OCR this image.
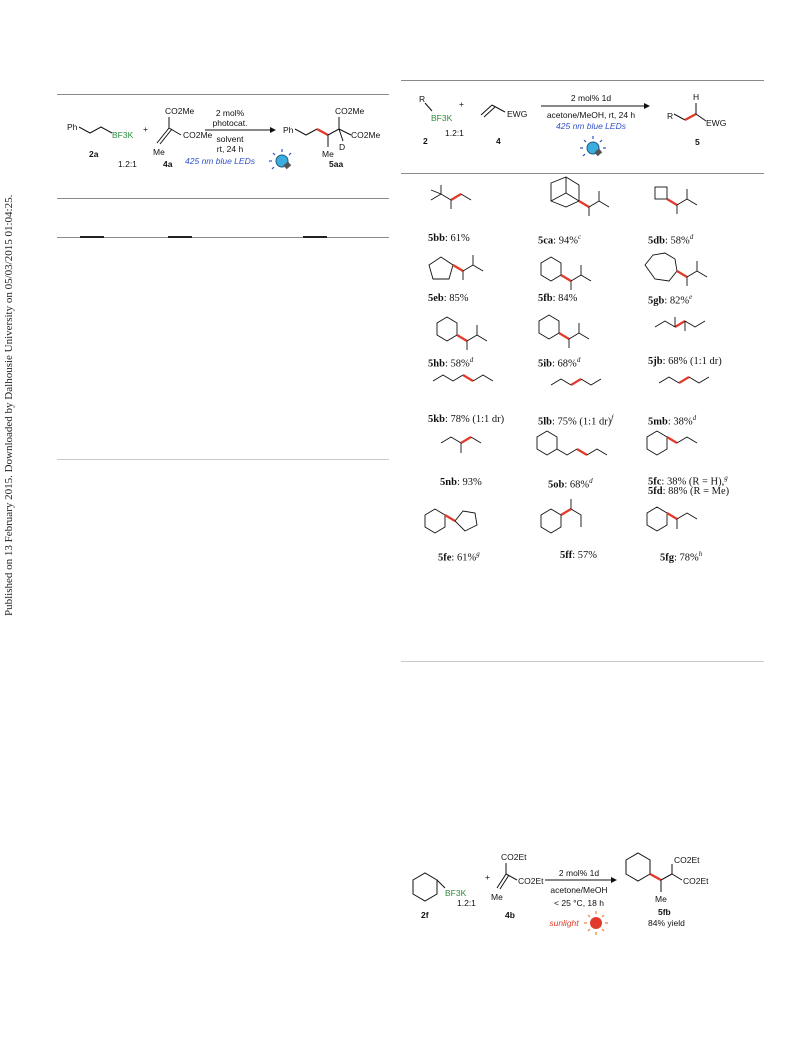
Published on 13 February 2015. Downloaded by Dalhousie University on 05/03/2015 01:04:25.
Ph
BF3K
2a
+
CO2Me
CO2Me
Me
1.2:1	4a
2 mol%
photocat.
solvent
rt, 24 h
425 nm blue LEDs
Ph
CO2Me
CO2Me
D
Me
5aa
R
BF3K
+
1.2:1
2
EWG
4
2 mol% 1d
acetone/MeOH, rt, 24 h
425 nm blue LEDs
R
H
EWG
5
5bb: 61%	5ca: 94%$^c$	5db: 58%$^d$
5eb: 85%	5fb: 84%	5gb: 82%$^e$
5hb: 58%$^d$	5ib: 68%$^d$	5jb: 68% (1:1 dr)
5kb: 78% (1:1 dr)	5lb: 75% (1:1 dr)$^f$	5mb: 38%$^d$
5nb: 93%	5ob: 68%$^d$	5fc: 38% (R = H),$^g$
5fd: 88% (R = Me)
5fe: 61%$^g$	5ff: 57%	5fg: 78%$^h$
BF3K
2f
1.2:1
+
CO2Et
CO2Et
Me
4b
2 mol% 1d
acetone/MeOH
< 25 °C, 18 h
sunlight
CO2Et
CO2Et
Me
5fb
84% yield
